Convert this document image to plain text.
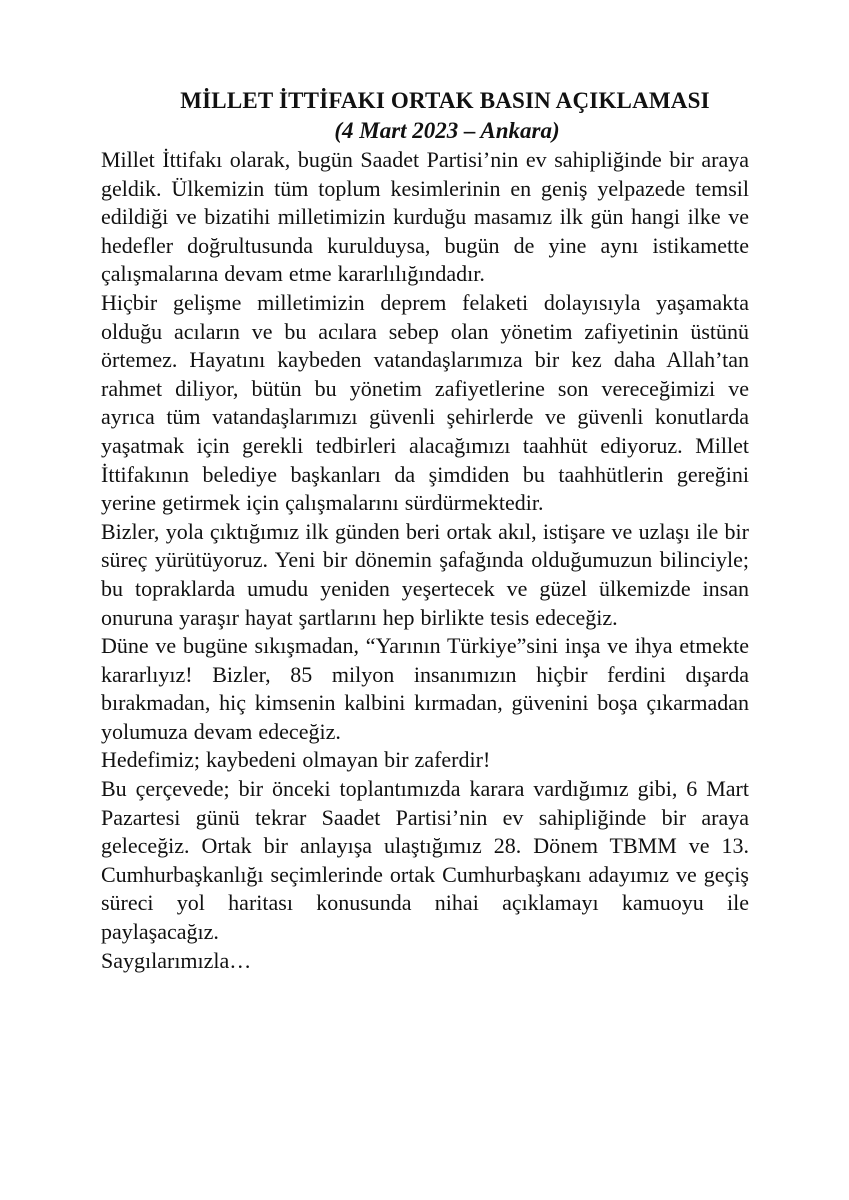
MİLLET İTTİFAKI ORTAK BASIN AÇIKLAMASI

(4 Mart 2023 – Ankara)

Millet İttifakı olarak, bugün Saadet Partisi’nin ev sahipliğinde bir araya geldik. Ülkemizin tüm toplum kesimlerinin en geniş yelpazede temsil edildiği ve bizatihi milletimizin kurduğu masamız ilk gün hangi ilke ve hedefler doğrultusunda kurulduysa, bugün de yine aynı istikamette çalışmalarına devam etme kararlılığındadır.

Hiçbir gelişme milletimizin deprem felaketi dolayısıyla yaşamakta olduğu acıların ve bu acılara sebep olan yönetim zafiyetinin üstünü örtemez. Hayatını kaybeden vatandaşlarımıza bir kez daha Allah’tan rahmet diliyor, bütün bu yönetim zafiyetlerine son vereceğimizi ve ayrıca tüm vatandaşlarımızı güvenli şehirlerde ve güvenli konutlarda yaşatmak için gerekli tedbirleri alacağımızı taahhüt ediyoruz. Millet İttifakının belediye başkanları da şimdiden bu taahhütlerin gereğini yerine getirmek için çalışmalarını sürdürmektedir.

Bizler, yola çıktığımız ilk günden beri ortak akıl, istişare ve uzlaşı ile bir süreç yürütüyoruz. Yeni bir dönemin şafağında olduğumuzun bilinciyle; bu topraklarda umudu yeniden yeşertecek ve güzel ülkemizde insan onuruna yaraşır hayat şartlarını hep birlikte tesis edeceğiz.

Düne ve bugüne sıkışmadan, “Yarının Türkiye”sini inşa ve ihya etmekte kararlıyız! Bizler, 85 milyon insanımızın hiçbir ferdini dışarda bırakmadan, hiç kimsenin kalbini kırmadan, güvenini boşa çıkarmadan yolumuza devam edeceğiz.

Hedefimiz; kaybedeni olmayan bir zaferdir!

Bu çerçevede; bir önceki toplantımızda karara vardığımız gibi, 6 Mart Pazartesi günü tekrar Saadet Partisi’nin ev sahipliğinde bir araya geleceğiz. Ortak bir anlayışa ulaştığımız 28. Dönem TBMM ve 13. Cumhurbaşkanlığı seçimlerinde ortak Cumhurbaşkanı adayımız ve geçiş süreci yol haritası konusunda nihai açıklamayı kamuoyu ile paylaşacağız.

Saygılarımızla…
